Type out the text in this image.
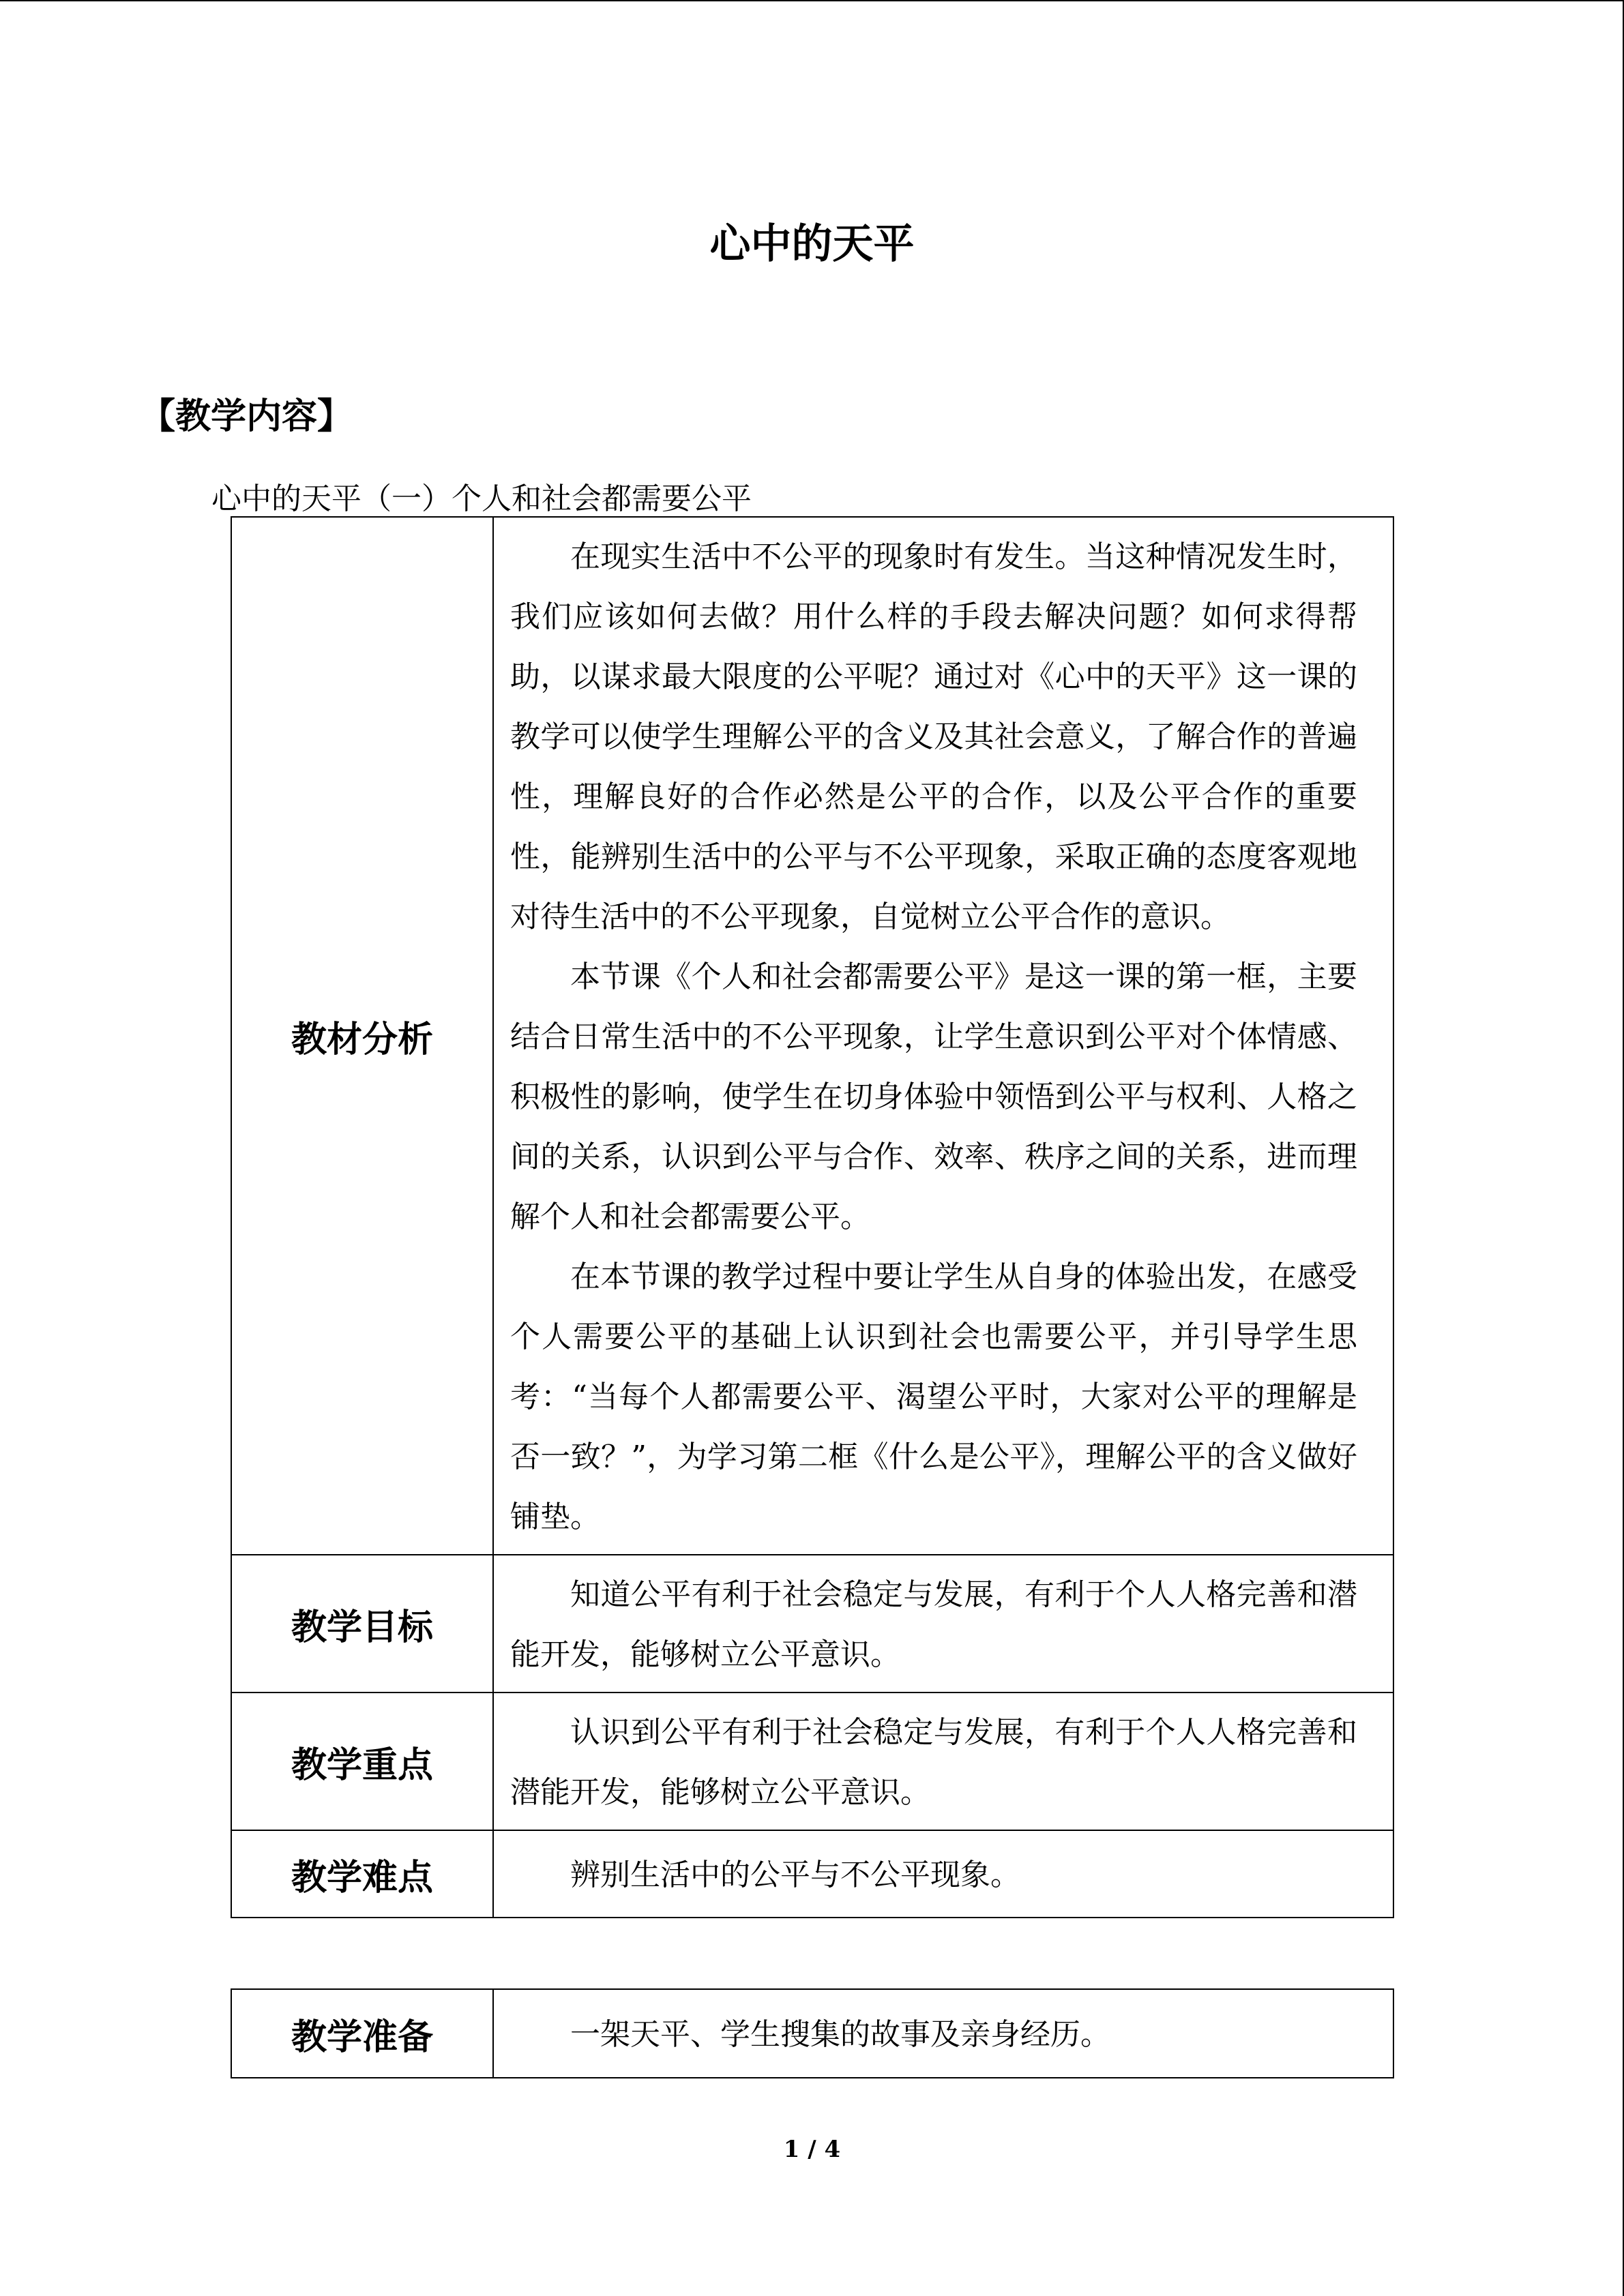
心中的天平
【教学内容】
心中的天平（一）个人和社会都需要公平
教材分析	在现实生活中不公平的现象时有发生。当这种情况发生时，我们应该如何去做？用什么样的手段去解决问题？如何求得帮助，以谋求最大限度的公平呢？通过对《心中的天平》这一课的教学可以使学生理解公平的含义及其社会意义，了解合作的普遍性，理解良好的合作必然是公平的合作，以及公平合作的重要性，能辨别生活中的公平与不公平现象，采取正确的态度客观地对待生活中的不公平现象，自觉树立公平合作的意识。

本节课《个人和社会都需要公平》是这一课的第一框，主要结合日常生活中的不公平现象，让学生意识到公平对个体情感、积极性的影响，使学生在切身体验中领悟到公平与权利、人格之间的关系，认识到公平与合作、效率、秩序之间的关系，进而理解个人和社会都需要公平。

在本节课的教学过程中要让学生从自身的体验出发，在感受个人需要公平的基础上认识到社会也需要公平，并引导学生思考：“当每个人都需要公平、渴望公平时，大家对公平的理解是否一致？”，为学习第二框《什么是公平》，理解公平的含义做好铺垫。

教学目标	知道公平有利于社会稳定与发展，有利于个人人格完善和潜能开发，能够树立公平意识。

教学重点	认识到公平有利于社会稳定与发展，有利于个人人格完善和潜能开发，能够树立公平意识。

教学难点	辨别生活中的公平与不公平现象。

教学准备	一架天平、学生搜集的故事及亲身经历。

1 / 4
